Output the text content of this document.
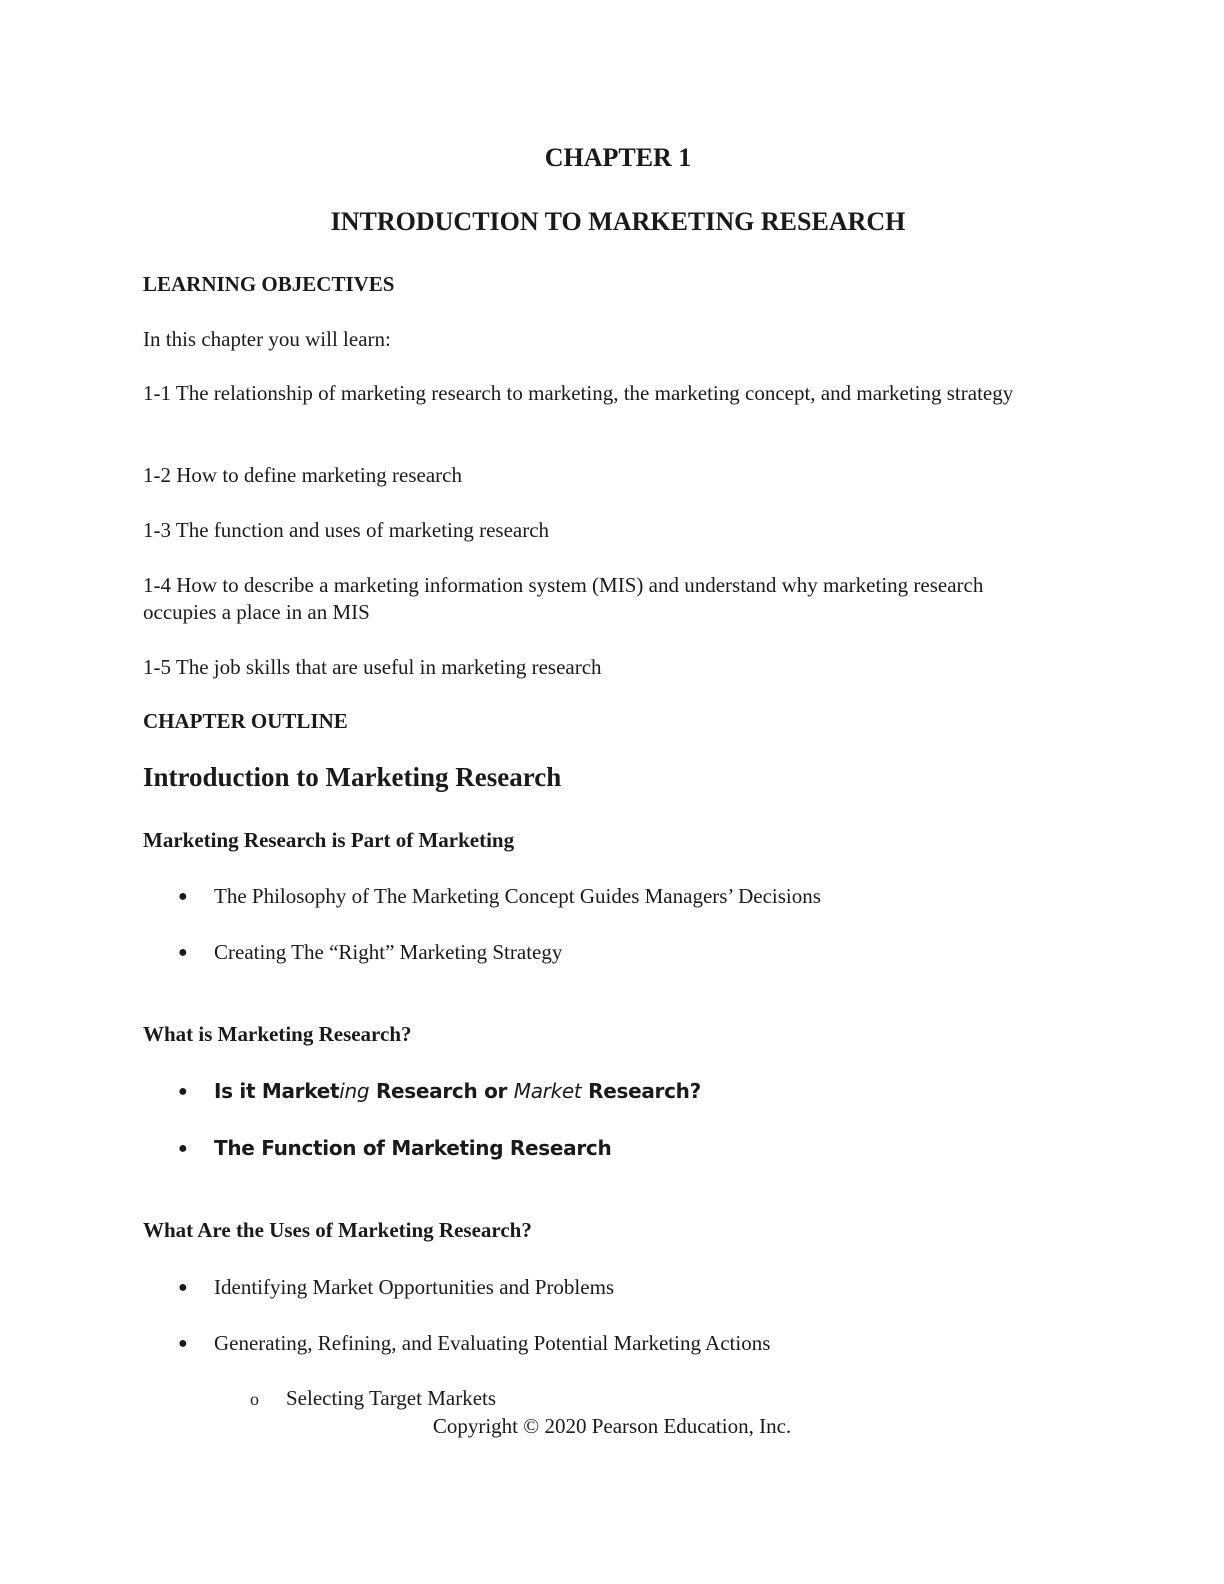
CHAPTER 1

INTRODUCTION TO MARKETING RESEARCH

LEARNING OBJECTIVES

In this chapter you will learn:

1-1 The relationship of marketing research to marketing, the marketing concept, and marketing strategy

1-2 How to define marketing research

1-3 The function and uses of marketing research

1-4 How to describe a marketing information system (MIS) and understand why marketing research occupies a place in an MIS

1-5 The job skills that are useful in marketing research

CHAPTER OUTLINE

Introduction to Marketing Research

Marketing Research is Part of Marketing

● The Philosophy of The Marketing Concept Guides Managers’ Decisions

● Creating The “Right” Marketing Strategy

What is Marketing Research?

● Is it Marketing Research or Market Research?

● The Function of Marketing Research

What Are the Uses of Marketing Research?

● Identifying Market Opportunities and Problems

● Generating, Refining, and Evaluating Potential Marketing Actions

o Selecting Target Markets

Copyright © 2020 Pearson Education, Inc.
